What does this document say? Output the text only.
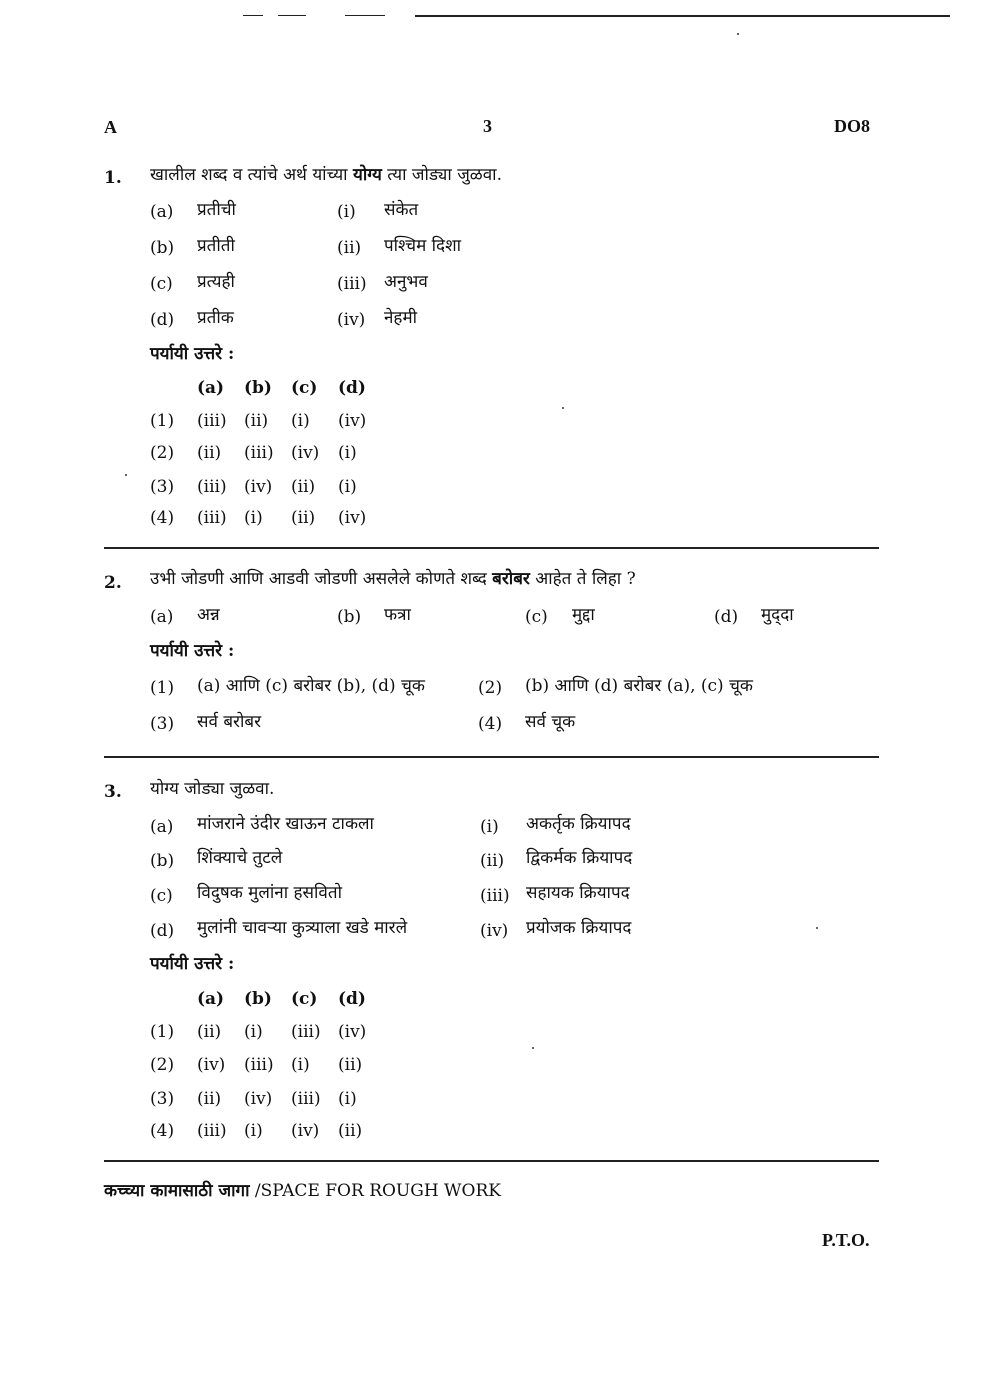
A	3	DO8
1. खालील शब्द व त्यांचे अर्थ यांच्या योग्य त्या जोड्या जुळवा.
(a) प्रतीची	(i) संकेत
(b) प्रतीती	(ii) पश्चिम दिशा
(c) प्रत्यही	(iii) अनुभव
(d) प्रतीक	(iv) नेहमी
पर्यायी उत्तरे :
(a) (b) (c) (d)
(1) (iii) (ii) (i) (iv)
(2) (ii) (iii) (iv) (i)
(3) (iii) (iv) (ii) (i)
(4) (iii) (i) (ii) (iv)
2. उभी जोडणी आणि आडवी जोडणी असलेले कोणते शब्द बरोबर आहेत ते लिहा ?
(a) अन्न	(b) फत्रा	(c) मुद्दा	(d) मुद्‍दा
पर्यायी उत्तरे :
(1) (a) आणि (c) बरोबर (b), (d) चूक	(2) (b) आणि (d) बरोबर (a), (c) चूक
(3) सर्व बरोबर	(4) सर्व चूक
3. योग्य जोड्या जुळवा.
(a) मांजराने उंदीर खाऊन टाकला	(i) अकर्तृक क्रियापद
(b) शिंक्याचे तुटले	(ii) द्विकर्मक क्रियापद
(c) विदुषक मुलांना हसवितो	(iii) सहायक क्रियापद
(d) मुलांनी चावऱ्या कुत्र्याला खडे मारले	(iv) प्रयोजक क्रियापद
पर्यायी उत्तरे :
(a) (b) (c) (d)
(1) (ii) (i) (iii) (iv)
(2) (iv) (iii) (i) (ii)
(3) (ii) (iv) (iii) (i)
(4) (iii) (i) (iv) (ii)
कच्च्या कामासाठी जागा /SPACE FOR ROUGH WORK
P.T.O.
